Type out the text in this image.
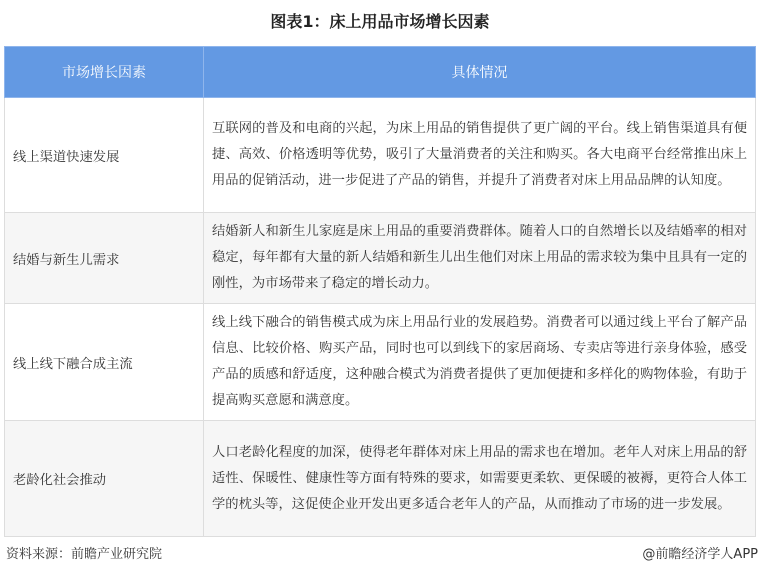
图表1：床上用品市场增长因素
市场增长因素	具体情况
线上渠道快速发展	互联网的普及和电商的兴起，为床上用品的销售提供了更广阔的平台。线上销售渠道具有便捷、高效、价格透明等优势，吸引了大量消费者的关注和购买。各大电商平台经常推出床上用品的促销活动，进一步促进了产品的销售，并提升了消费者对床上用品品牌的认知度。
结婚与新生儿需求	结婚新人和新生儿家庭是床上用品的重要消费群体。随着人口的自然增长以及结婚率的相对稳定，每年都有大量的新人结婚和新生儿出生他们对床上用品的需求较为集中且具有一定的刚性，为市场带来了稳定的增长动力。
线上线下融合成主流	线上线下融合的销售模式成为床上用品行业的发展趋势。消费者可以通过线上平台了解产品信息、比较价格、购买产品，同时也可以到线下的家居商场、专卖店等进行亲身体验，感受产品的质感和舒适度，这种融合模式为消费者提供了更加便捷和多样化的购物体验，有助于提高购买意愿和满意度。
老龄化社会推动	人口老龄化程度的加深，使得老年群体对床上用品的需求也在增加。老年人对床上用品的舒适性、保暖性、健康性等方面有特殊的要求，如需要更柔软、更保暖的被褥，更符合人体工学的枕头等，这促使企业开发出更多适合老年人的产品，从而推动了市场的进一步发展。
资料来源：前瞻产业研究院	@前瞻经济学人APP
